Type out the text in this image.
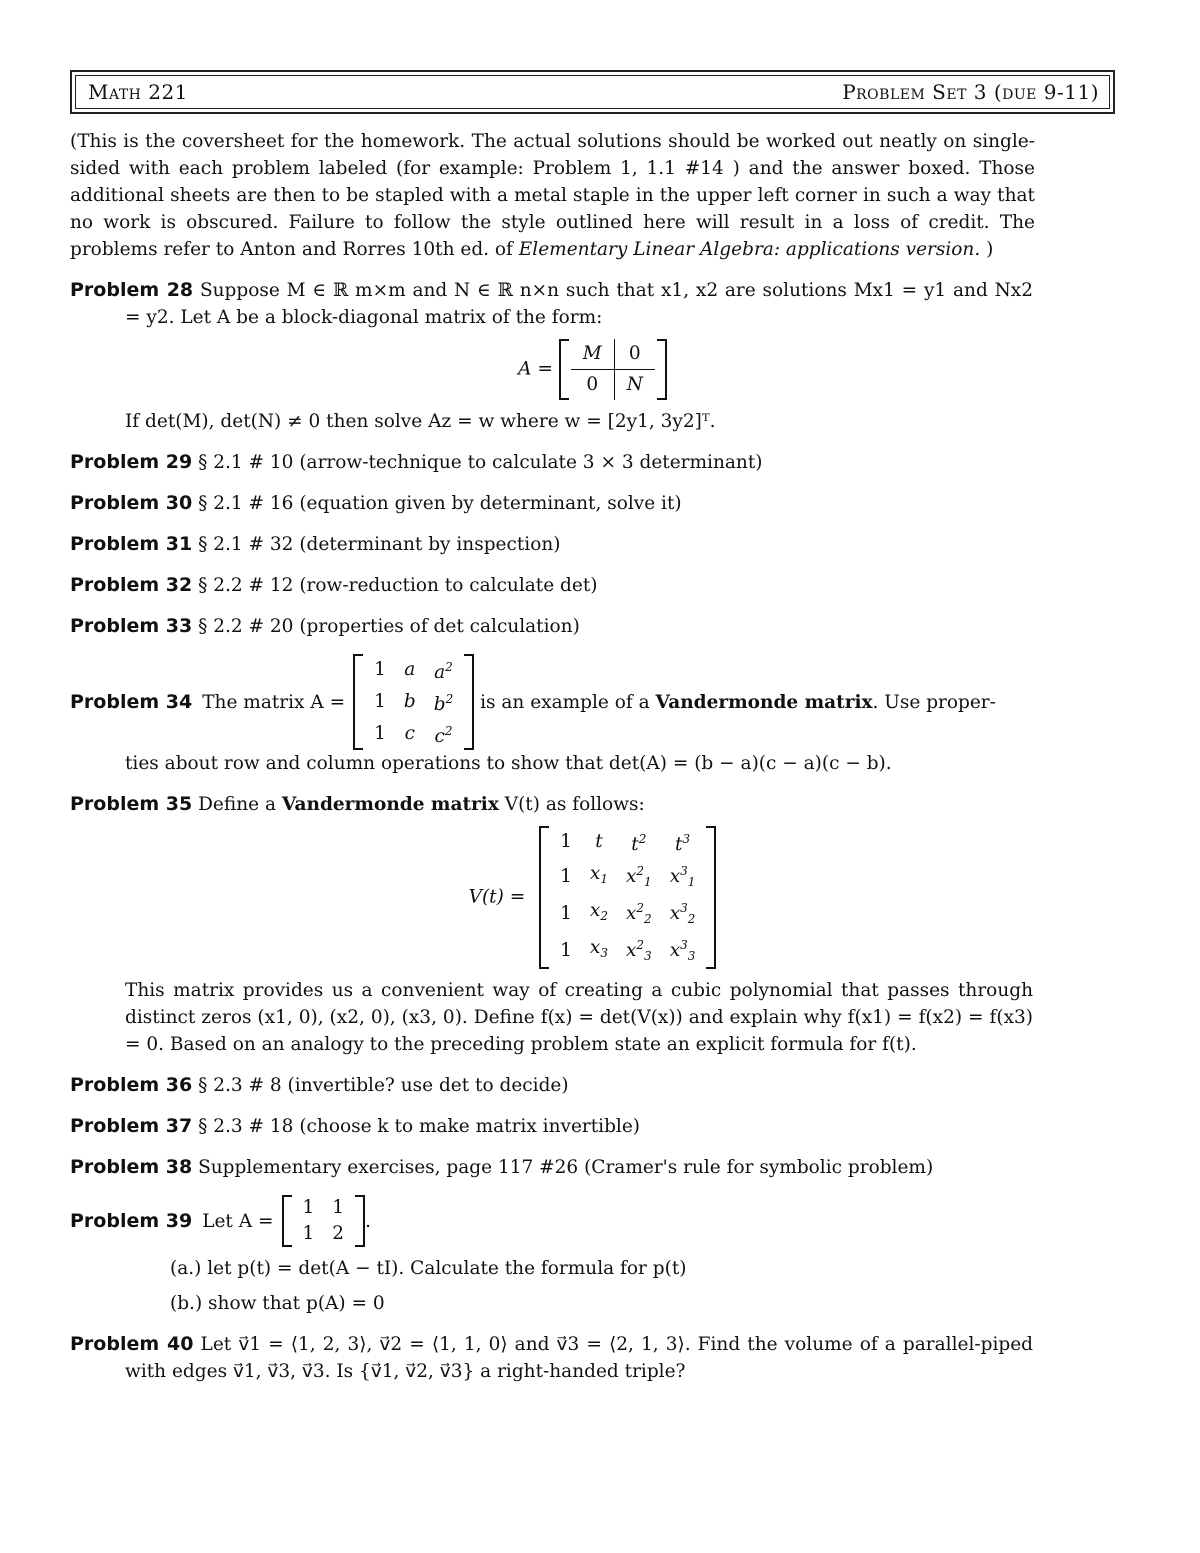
Math 221	Problem Set 3 (due 9-11)
(This is the coversheet for the homework. The actual solutions should be worked out neatly on single-sided with each problem labeled (for example: Problem 1, 1.1 #14 ) and the answer boxed. Those additional sheets are then to be stapled with a metal staple in the upper left corner in such a way that no work is obscured. Failure to follow the style outlined here will result in a loss of credit. The problems refer to Anton and Rorres 10th ed. of Elementary Linear Algebra: applications version. )
Problem 28 Suppose M ∈ ℝ m×m and N ∈ ℝ n×n such that x1, x2 are solutions Mx1 = y1 and Nx2 = y2. Let A be a block-diagonal matrix of the form:
A =
M	0
0	N
If det(M), det(N) ≠ 0 then solve Az = w where w = [2y1, 3y2]ᵀ.
Problem 29 § 2.1 # 10 (arrow-technique to calculate 3 × 3 determinant)
Problem 30 § 2.1 # 16 (equation given by determinant, solve it)
Problem 31 § 2.1 # 32 (determinant by inspection)
Problem 32 § 2.2 # 12 (row-reduction to calculate det)
Problem 33 § 2.2 # 20 (properties of det calculation)
Problem 34 The matrix A =
1	a	$a^2$
1	b	$b^2$
1	c	$c^2$
is an example of a Vandermonde matrix . Use proper-
ties about row and column operations to show that det(A) = (b − a)(c − a)(c − b).
Problem 35 Define a Vandermonde matrix V(t) as follows:
V(t) =
1	t	$t^2$	$t^3$
1	$x_1$	$x^2_1$	$x^3_1$
1	$x_2$	$x^2_2$	$x^3_2$
1	$x_3$	$x^2_3$	$x^3_3$
This matrix provides us a convenient way of creating a cubic polynomial that passes through distinct zeros (x1, 0), (x2, 0), (x3, 0). Define f(x) = det(V(x)) and explain why f(x1) = f(x2) = f(x3) = 0. Based on an analogy to the preceding problem state an explicit formula for f(t).
Problem 36 § 2.3 # 8 (invertible? use det to decide)
Problem 37 § 2.3 # 18 (choose k to make matrix invertible)
Problem 38 Supplementary exercises, page 117 #26 (Cramer's rule for symbolic problem)
Problem 39 Let A =
1	1
1	2
.
(a.) let p(t) = det(A − tI). Calculate the formula for p(t)
(b.) show that p(A) = 0
Problem 40 Let v⃗1 = ⟨1, 2, 3⟩, v⃗2 = ⟨1, 1, 0⟩ and v⃗3 = ⟨2, 1, 3⟩. Find the volume of a parallel-piped with edges v⃗1, v⃗3, v⃗3. Is {v⃗1, v⃗2, v⃗3} a right-handed triple?
